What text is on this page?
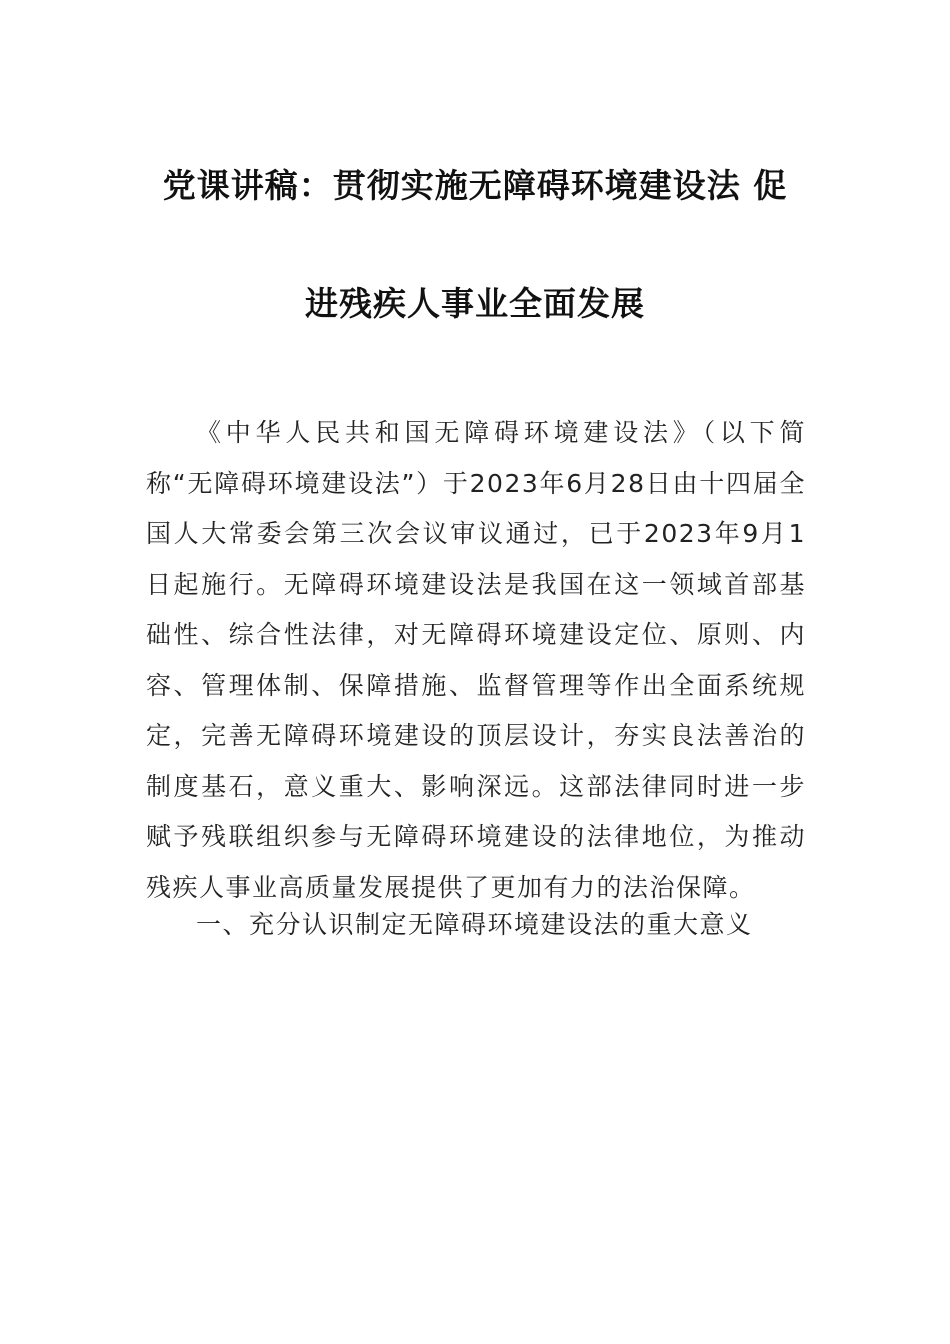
党课讲稿：贯彻实施无障碍环境建设法 促
进残疾人事业全面发展

《中华人民共和国无障碍环境建设法》（以下简称“无障碍环境建设法”）于2023年6月28日由十四届全国人大常委会第三次会议审议通过，已于2023年9月1日起施行。无障碍环境建设法是我国在这一领域首部基础性、综合性法律，对无障碍环境建设定位、原则、内容、管理体制、保障措施、监督管理等作出全面系统规定，完善无障碍环境建设的顶层设计，夯实良法善治的制度基石，意义重大、影响深远。这部法律同时进一步赋予残联组织参与无障碍环境建设的法律地位，为推动残疾人事业高质量发展提供了更加有力的法治保障。

一、充分认识制定无障碍环境建设法的重大意义
